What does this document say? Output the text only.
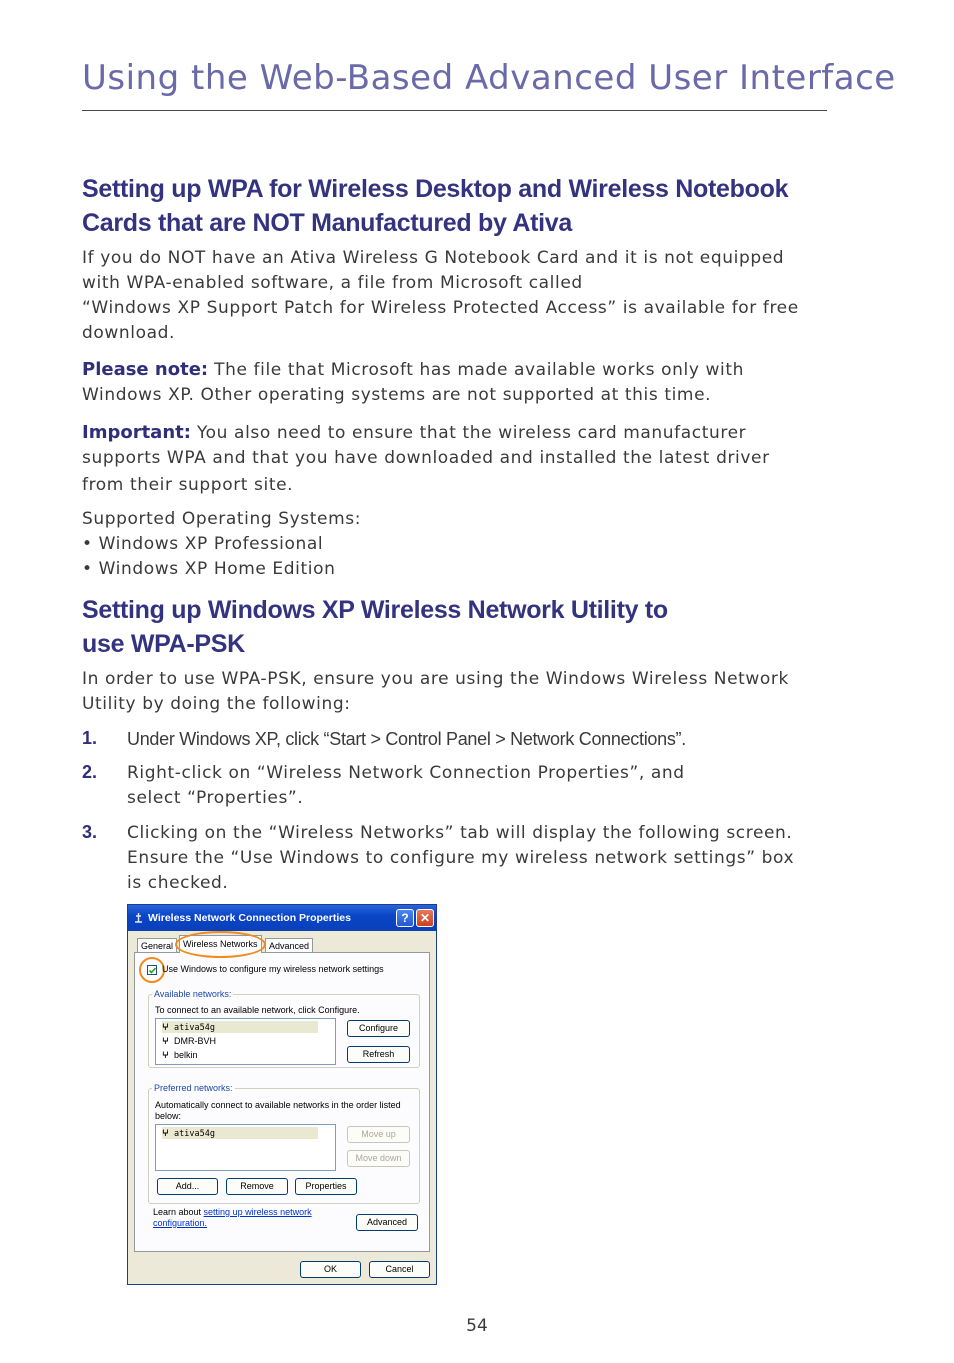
Using the Web-Based Advanced User Interface
Setting up WPA for Wireless Desktop and Wireless Notebook
Cards that are NOT Manufactured by Ativa
If you do NOT have an Ativa Wireless G Notebook Card and it is not equipped
with WPA-enabled software, a file from Microsoft called
“Windows XP Support Patch for Wireless Protected Access” is available for free
download.
Please note: The file that Microsoft has made available works only with
Windows XP. Other operating systems are not supported at this time.
Important: You also need to ensure that the wireless card manufacturer
supports WPA and that you have downloaded and installed the latest driver
from their support site.
Supported Operating Systems:
• Windows XP Professional
• Windows XP Home Edition
Setting up Windows XP Wireless Network Utility to
use WPA-PSK
In order to use WPA-PSK, ensure you are using the Windows Wireless Network
Utility by doing the following:
1. Under Windows XP, click “Start > Control Panel > Network Connections”.
2. Right-click on “Wireless Network Connection Properties”, and
select “Properties”.
3. Clicking on the “Wireless Networks” tab will display the following screen.
Ensure the “Use Windows to configure my wireless network settings” box
is checked.
Wireless Network Connection Properties	? ✕
General	Advanced
Wireless Networks
Use Windows to configure my wireless network settings
Available networks:
To connect to an available network, click Configure.
ⵖ ativa54g
ⵖ DMR-BVH
ⵖ belkin
Configure
Refresh
Preferred networks:
Automatically connect to available networks in the order listed
below:
ⵖ ativa54g	Move up
Move down
Add...	Remove	Properties
Learn about setting up wireless network
configuration.	Advanced
OK	Cancel
54
